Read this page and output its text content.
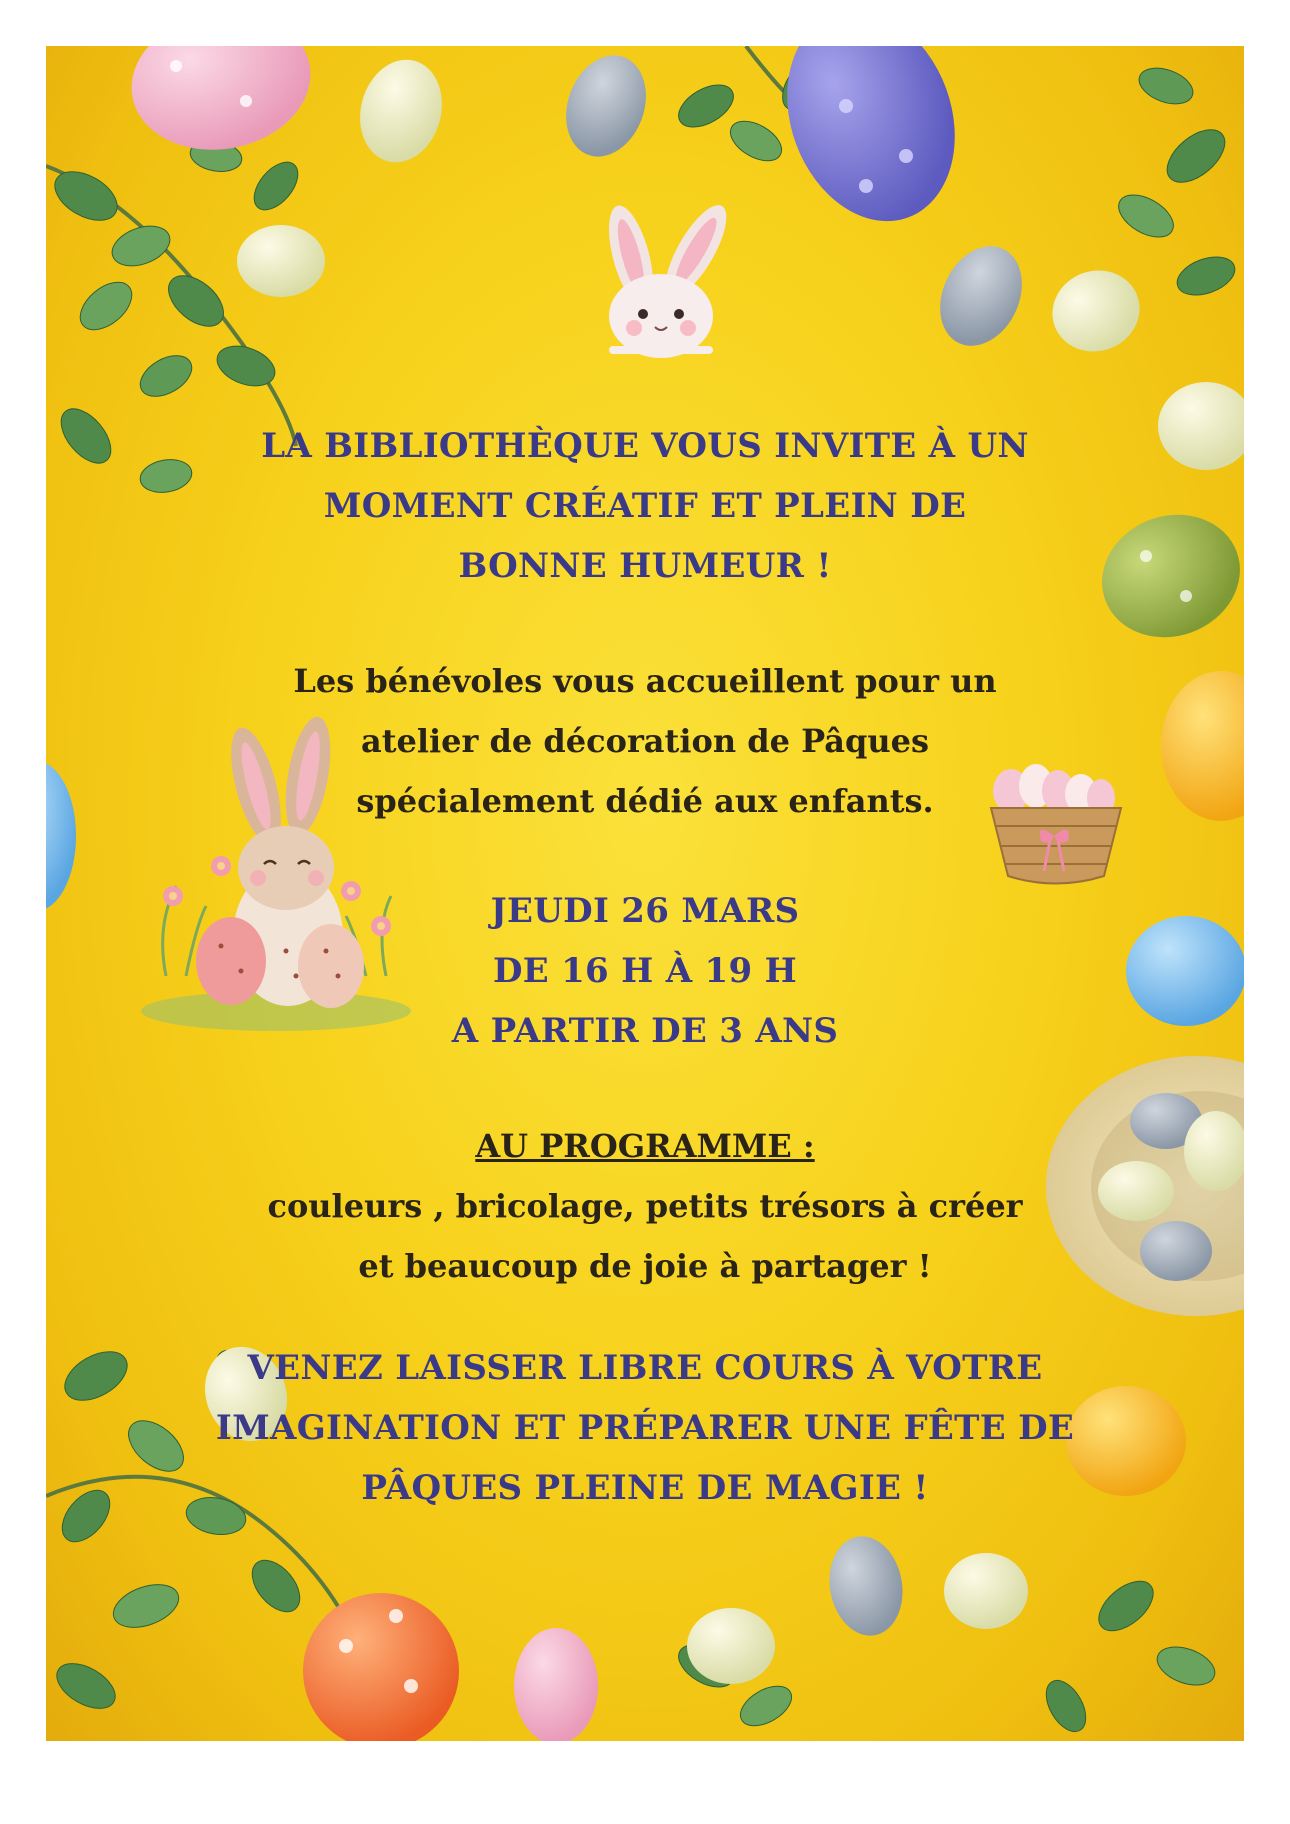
LA BIBLIOTHÈQUE VOUS INVITE À UN
MOMENT CRÉATIF ET PLEIN DE
BONNE HUMEUR !
Les bénévoles vous accueillent pour un
atelier de décoration de Pâques
spécialement dédié aux enfants.
JEUDI 26 MARS
DE 16 H À 19 H
A PARTIR DE 3 ANS
AU PROGRAMME :
couleurs , bricolage, petits trésors à créer
et beaucoup de joie à partager !
VENEZ LAISSER LIBRE COURS À VOTRE
IMAGINATION ET PRÉPARER UNE FÊTE DE
PÂQUES PLEINE DE MAGIE !
